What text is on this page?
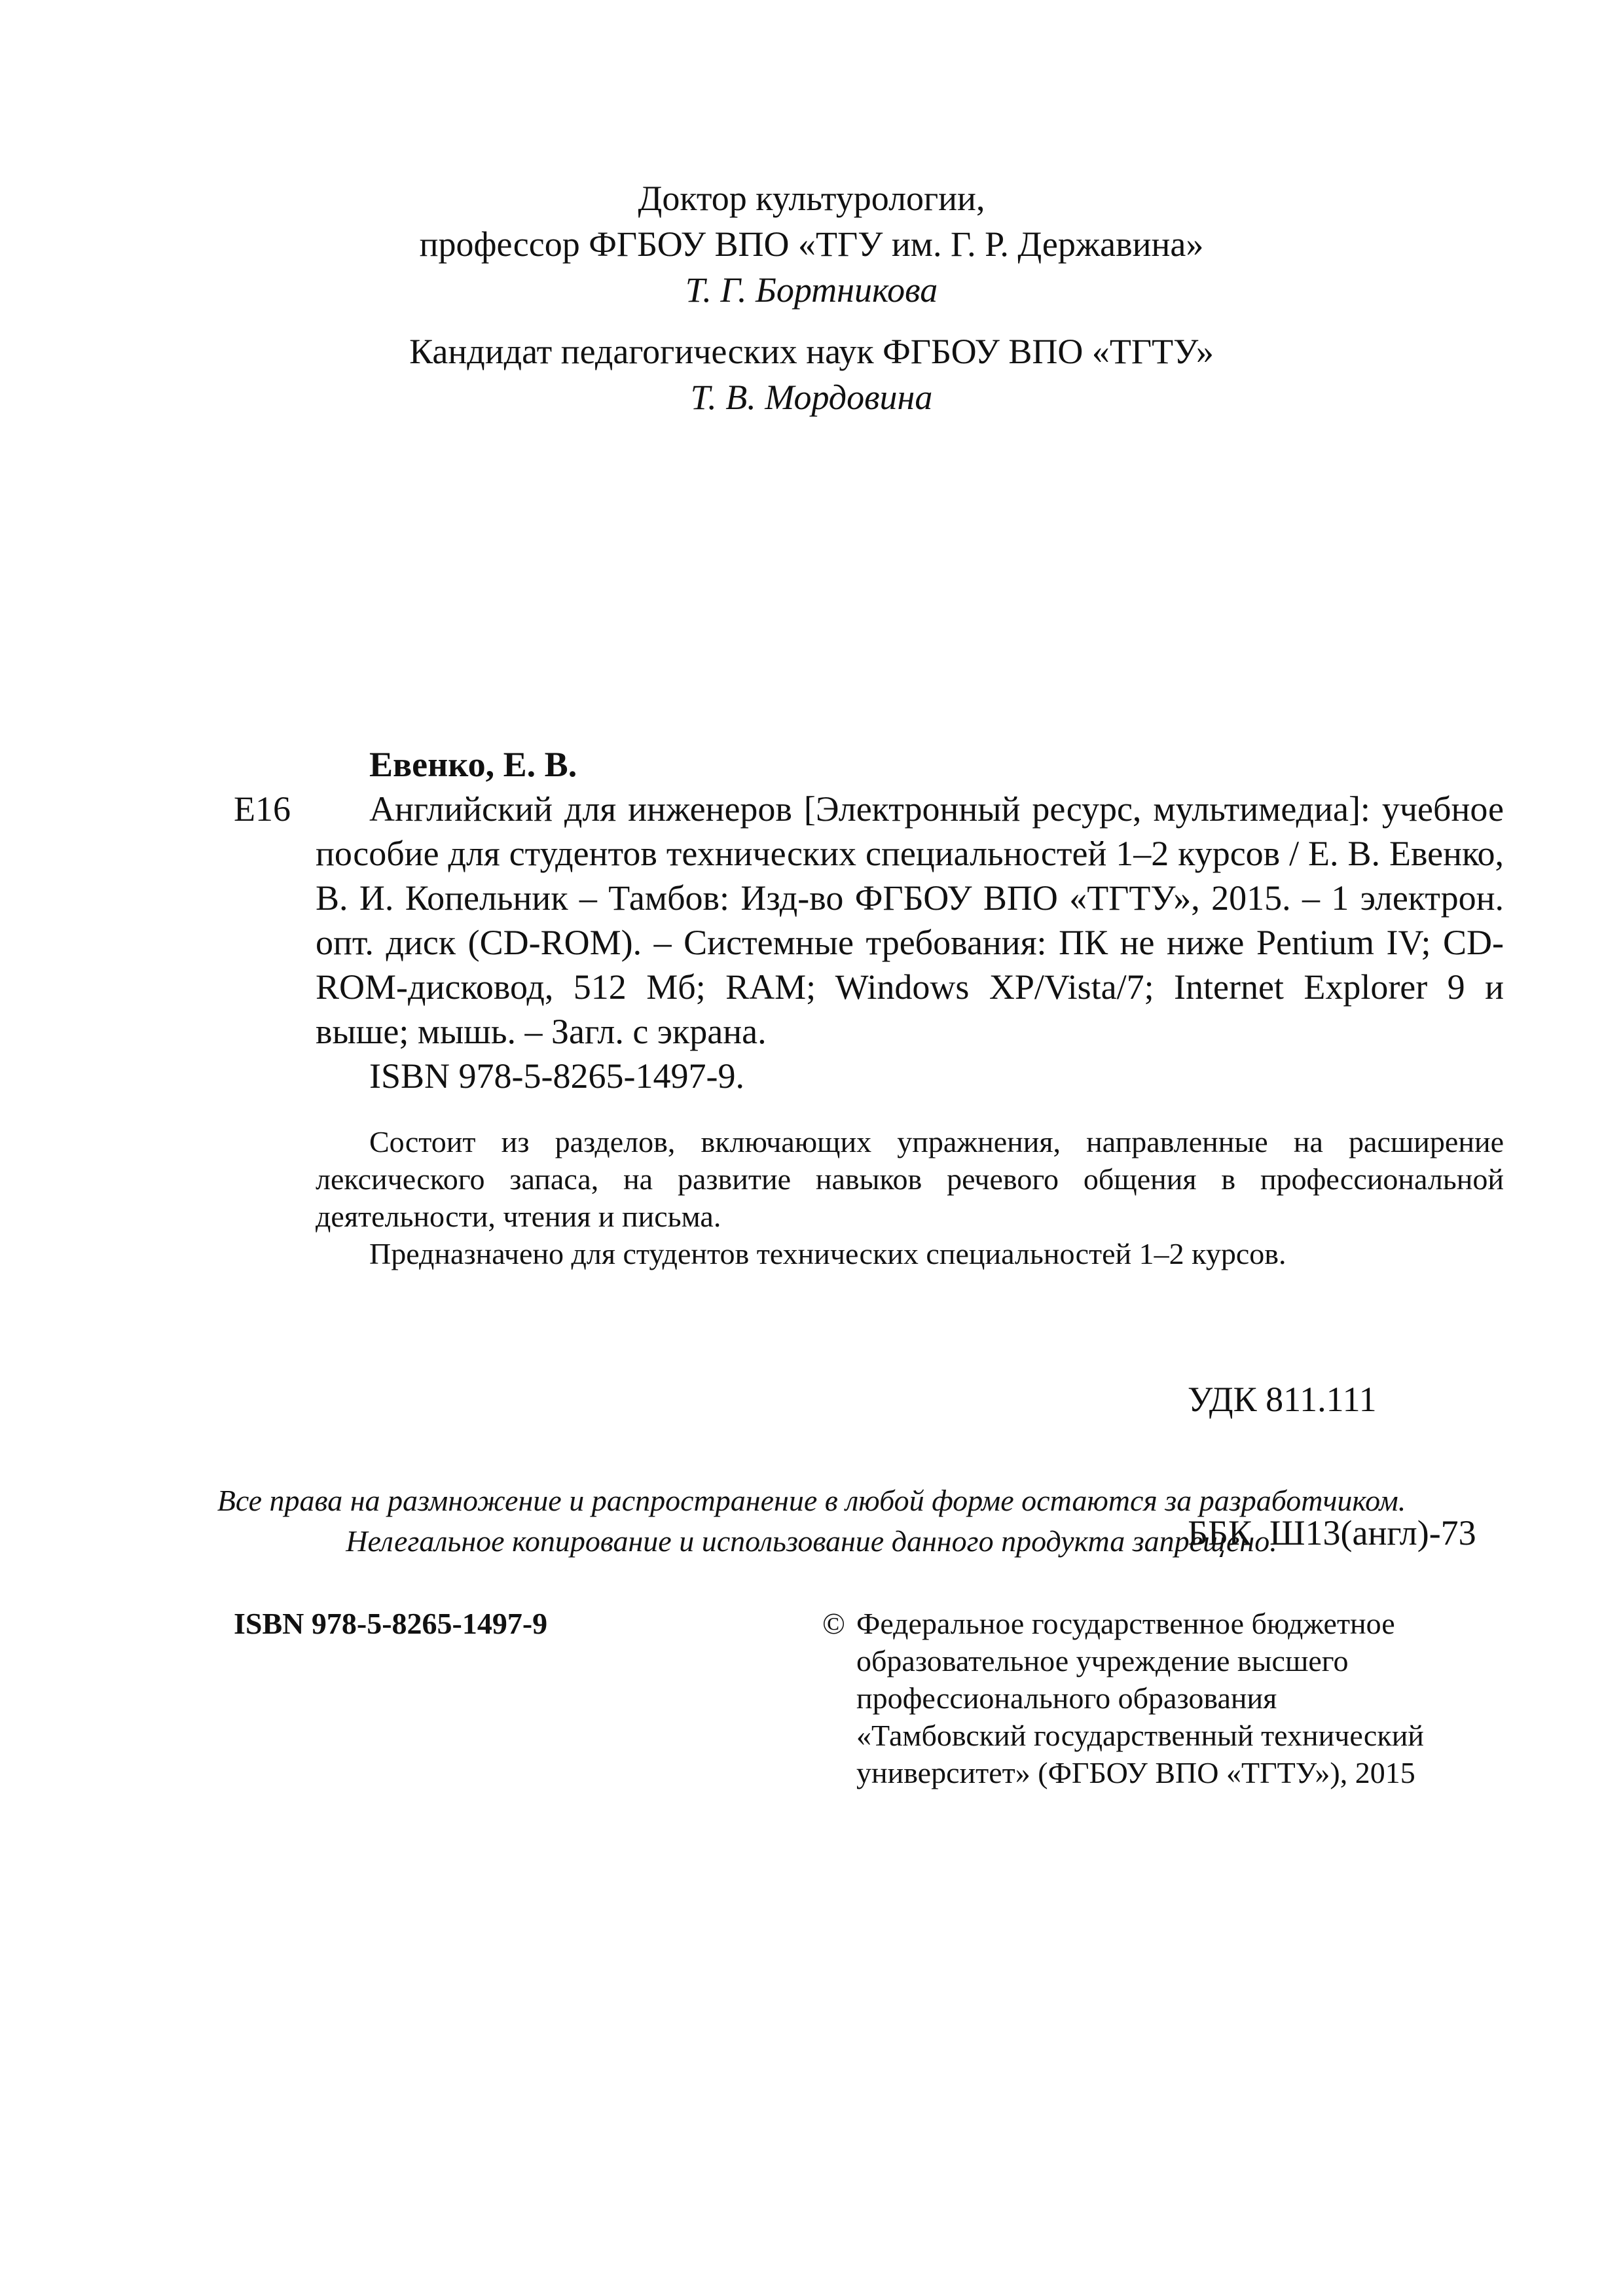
Доктор культурологии,
профессор ФГБОУ ВПО «ТГУ им. Г. Р. Державина»
Т. Г. Бортникова
Кандидат педагогических наук ФГБОУ ВПО «ТГТУ»
Т. В. Мордовина
Евенко, Е. В.
Е16	Английский для инженеров [Электронный ресурс, мультимедиа]: учебное пособие для студентов технических специальностей 1–2 курсов / Е. В. Евенко, В. И. Копельник – Тамбов: Изд-во ФГБОУ ВПО «ТГТУ», 2015. – 1 электрон. опт. диск (CD-ROM). – Системные требования: ПК не ниже Pentium IV; CD-ROM-дисковод, 512 Мб; RAM; Windows XP/Vista/7; Internet Explorer 9 и выше; мышь. – Загл. с экрана.
ISBN 978-5-8265-1497-9.

Состоит из разделов, включающих упражнения, направленные на расширение лексического запаса, на развитие навыков речевого общения в профессиональной деятельности, чтения и письма.

Предназначено для студентов технических специальностей 1–2 курсов.

УДК 811.111

ББК  Ш13(англ)-73

Все права на размножение и распространение в любой форме остаются за разработчиком.
Нелегальное копирование и использование данного продукта запрещено.
ISBN 978-5-8265-1497-9	© Федеральное государственное бюджетное
образовательное учреждение высшего
профессионального образования
«Тамбовский государственный технический
университет» (ФГБОУ ВПО «ТГТУ»), 2015
